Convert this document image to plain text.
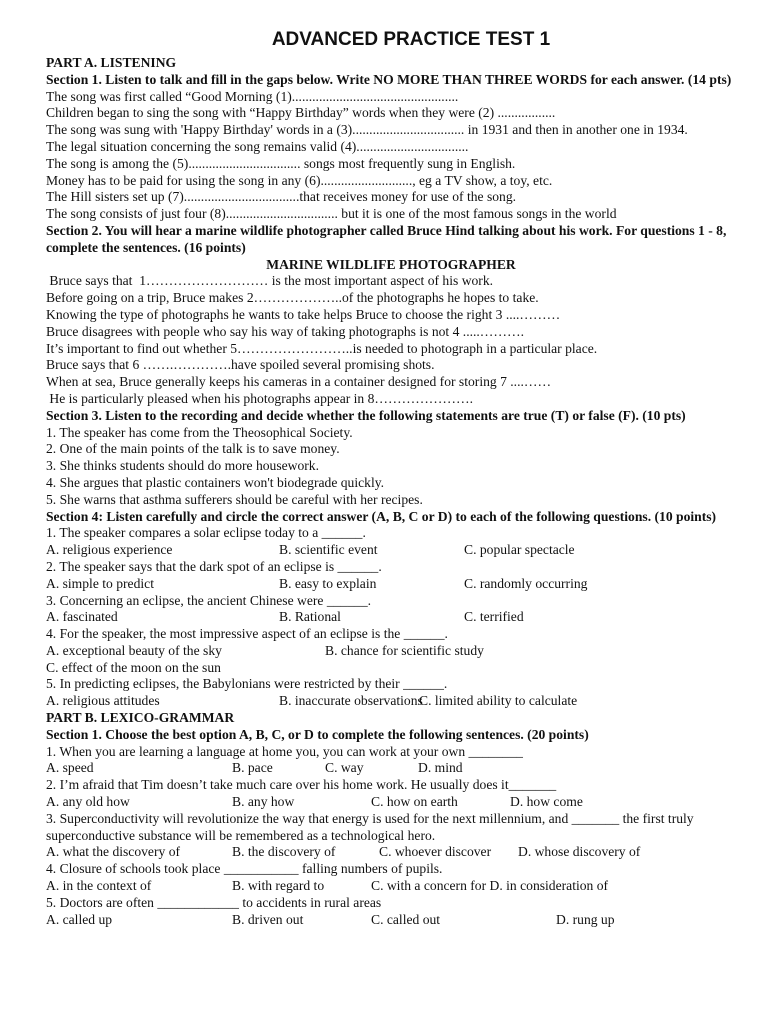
ADVANCED PRACTICE TEST 1
PART A. LISTENING
Section 1. Listen to talk and fill in the gaps below. Write NO MORE THAN THREE WORDS for each answer. (14 pts)
The song was first called “Good Morning (1).................................................
Children began to sing the song with “Happy Birthday” words when they were (2) .................
The song was sung with 'Happy Birthday' words in a (3)................................. in 1931 and then in another one in 1934.
The legal situation concerning the song remains valid (4).................................
The song is among the (5)................................. songs most frequently sung in English.
Money has to be paid for using the song in any (6)..........................., eg a TV show, a toy, etc.
The Hill sisters set up (7)..................................that receives money for use of the song.
The song consists of just four (8)................................. but it is one of the most famous songs in the world
Section 2. You will hear a marine wildlife photographer called Bruce Hind talking about his work. For questions 1 - 8, complete the sentences. (16 points)
MARINE WILDLIFE PHOTOGRAPHER
Bruce says that  1……………………… is the most important aspect of his work.
Before going on a trip, Bruce makes 2………………..of the photographs he hopes to take.
Knowing the type of photographs he wants to take helps Bruce to choose the right 3 ....………
Bruce disagrees with people who say his way of taking photographs is not 4 .....……….
It’s important to find out whether 5……………………..is needed to photograph in a particular place.
Bruce says that 6 …….………….have spoiled several promising shots.
When at sea, Bruce generally keeps his cameras in a container designed for storing 7 ....……
He is particularly pleased when his photographs appear in 8………………….
Section 3. Listen to the recording and decide whether the following statements are true (T) or false (F). (10 pts)
1. The speaker has come from the Theosophical Society.
2. One of the main points of the talk is to save money.
3. She thinks students should do more housework.
4. She argues that plastic containers won't biodegrade quickly.
5. She warns that asthma sufferers should be careful with her recipes.
Section 4: Listen carefully and circle the correct answer (A, B, C or D) to each of the following questions. (10 points)
1. The speaker compares a solar eclipse today to a ______.
A. religious experience	B. scientific event	C. popular spectacle
2. The speaker says that the dark spot of an eclipse is ______.
A. simple to predict	B. easy to explain	C. randomly occurring
3. Concerning an eclipse, the ancient Chinese were ______.
A. fascinated	B. Rational	C. terrified
4. For the speaker, the most impressive aspect of an eclipse is the ______.
A. exceptional beauty of the sky	B. chance for scientific study
C. effect of the moon on the sun
5. In predicting eclipses, the Babylonians were restricted by their ______.
A. religious attitudes	B. inaccurate observations
C. limited ability to calculate
PART B. LEXICO-GRAMMAR
Section 1. Choose the best option A, B, C, or D to complete the following sentences. (20 points)
1. When you are learning a language at home you, you can work at your own ________
A. speed	B. pace	C. way	D. mind
2. I’m afraid that Tim doesn’t take much care over his home work. He usually does it_______
A. any old how	B. any how	C. how on earth	D. how come
3. Superconductivity will revolutionize the way that energy is used for the next millennium, and _______ the first truly superconductive substance will be remembered as a technological hero.
A. what the discovery of	B. the discovery of	C. whoever discover D. whose discovery of
4. Closure of schools took place ___________ falling numbers of pupils.
A. in the context of	B. with regard to	C. with a concern for D. in consideration of
5. Doctors are often ____________ to accidents in rural areas
A. called up	B. driven out	C. called out	D. rung up
